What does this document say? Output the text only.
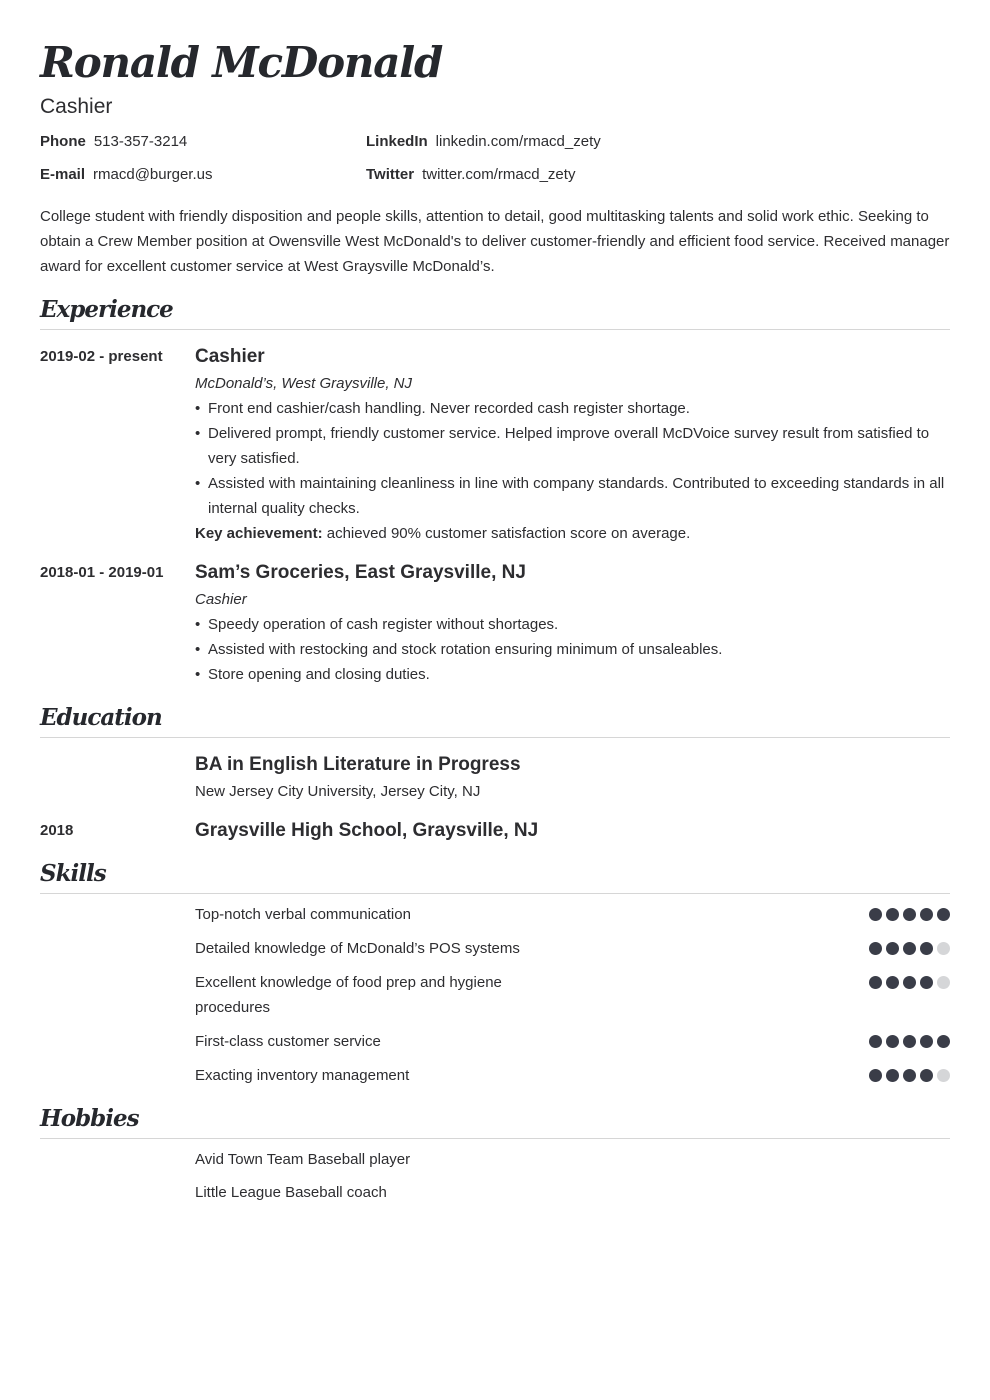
Ronald McDonald
Cashier
Phone 513-357-3214	LinkedIn linkedin.com/rmacd_zety
E-mail rmacd@burger.us	Twitter twitter.com/rmacd_zety
College student with friendly disposition and people skills, attention to detail, good multitasking talents and solid work ethic. Seeking to obtain a Crew Member position at Owensville West McDonald's to deliver customer-friendly and efficient food service. Received manager award for excellent customer service at West Graysville McDonald’s.
Experience
2019-02 - present Cashier
McDonald’s, West Graysville, NJ
• Front end cashier/cash handling. Never recorded cash register shortage.
• Delivered prompt, friendly customer service. Helped improve overall McDVoice survey result from satisfied to very satisfied.
• Assisted with maintaining cleanliness in line with company standards. Contributed to exceeding standards in all internal quality checks.
Key achievement: achieved 90% customer satisfaction score on average.
2018-01 - 2019-01 Sam’s Groceries, East Graysville, NJ
Cashier
• Speedy operation of cash register without shortages.
• Assisted with restocking and stock rotation ensuring minimum of unsaleables.
• Store opening and closing duties.
Education
BA in English Literature in Progress
New Jersey City University, Jersey City, NJ
2018	Graysville High School, Graysville, NJ
Skills
Top-notch verbal communication
Detailed knowledge of McDonald’s POS systems
Excellent knowledge of food prep and hygiene procedures
First-class customer service
Exacting inventory management
Hobbies
Avid Town Team Baseball player
Little League Baseball coach
